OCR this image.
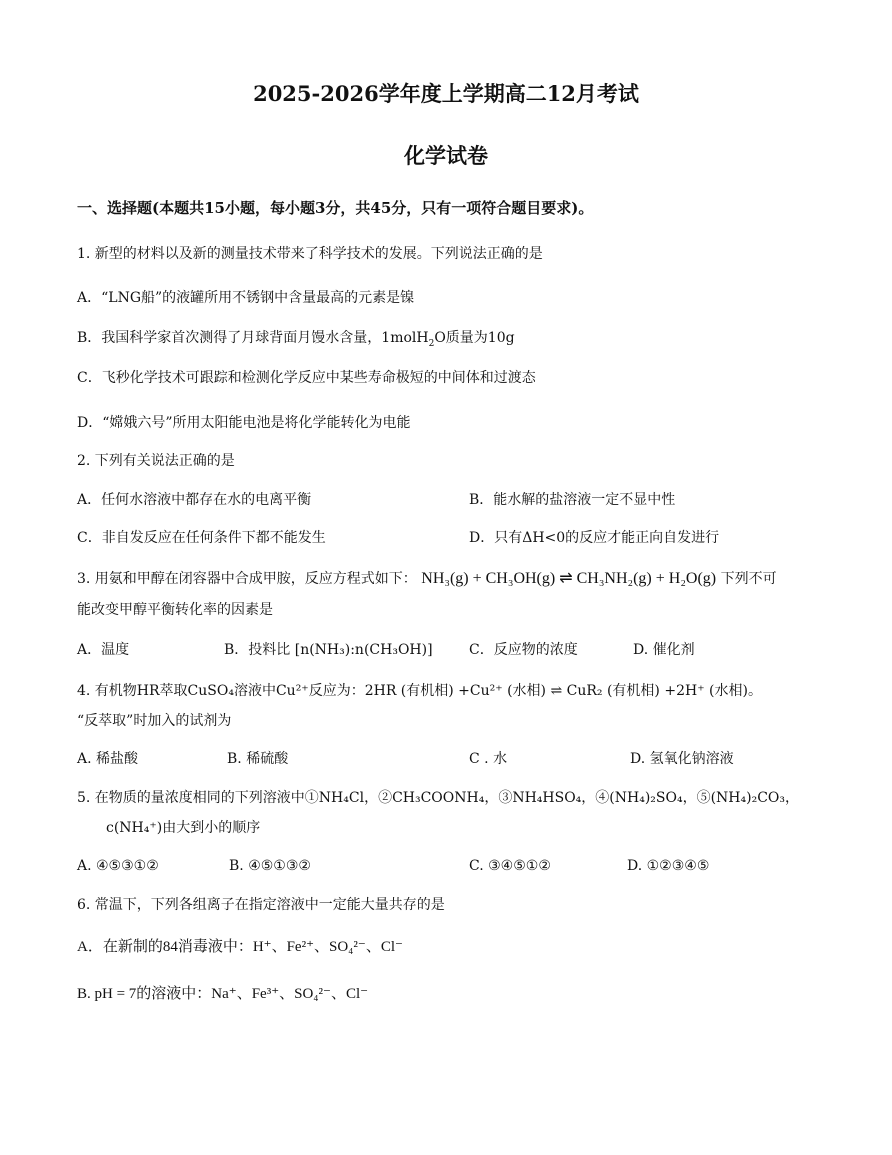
2025-2026学年度上学期高二12月考试
化学试卷
一、选择题(本题共15小题，每小题3分，共45分，只有一项符合题目要求)。
1. 新型的材料以及新的测量技术带来了科学技术的发展。下列说法正确的是
A．“LNG船”的液罐所用不锈钢中含量最高的元素是镍
B．我国科学家首次测得了月球背面月馒水含量，1molH$_2$O质量为10g
C．飞秒化学技术可跟踪和检测化学反应中某些寿命极短的中间体和过渡态
D．“嫦娥六号”所用太阳能电池是将化学能转化为电能
2. 下列有关说法正确的是
A．任何水溶液中都存在水的电离平衡	B．能水解的盐溶液一定不显中性
C．非自发反应在任何条件下都不能发生	D．只有ΔH<0的反应才能正向自发进行
3. 用氨和甲醇在闭容器中合成甲胺，反应方程式如下： NH₃(g) + CH₃OH(g) ⇌ CH₃NH₂(g) + H₂O(g) 下列不可
能改变甲醇平衡转化率的因素是
A．温度	B．投料比 [n(NH₃):n(CH₃OH)]	C．反应物的浓度	D. 催化剂
4. 有机物HR萃取CuSO₄溶液中Cu²⁺反应为：2HR (有机相) +Cu²⁺ (水相) ⇌ CuR₂ (有机相) +2H⁺ (水相)。
“反萃取”时加入的试剂为
A. 稀盐酸	B. 稀硫酸	C . 水	D. 氢氧化钠溶液
5. 在物质的量浓度相同的下列溶液中①NH₄Cl，②CH₃COONH₄，③NH₄HSO₄，④(NH₄)₂SO₄，⑤(NH₄)₂CO₃，
c(NH₄⁺)由大到小的顺序
A. ④⑤③①②	B. ④⑤①③②	C. ③④⑤①②	D. ①②③④⑤
6. 常温下，下列各组离子在指定溶液中一定能大量共存的是
A．在新制的84消毒液中：H⁺、Fe²⁺、SO₄²⁻、Cl⁻
B. pH = 7的溶液中：Na⁺、Fe³⁺、SO₄²⁻、Cl⁻
